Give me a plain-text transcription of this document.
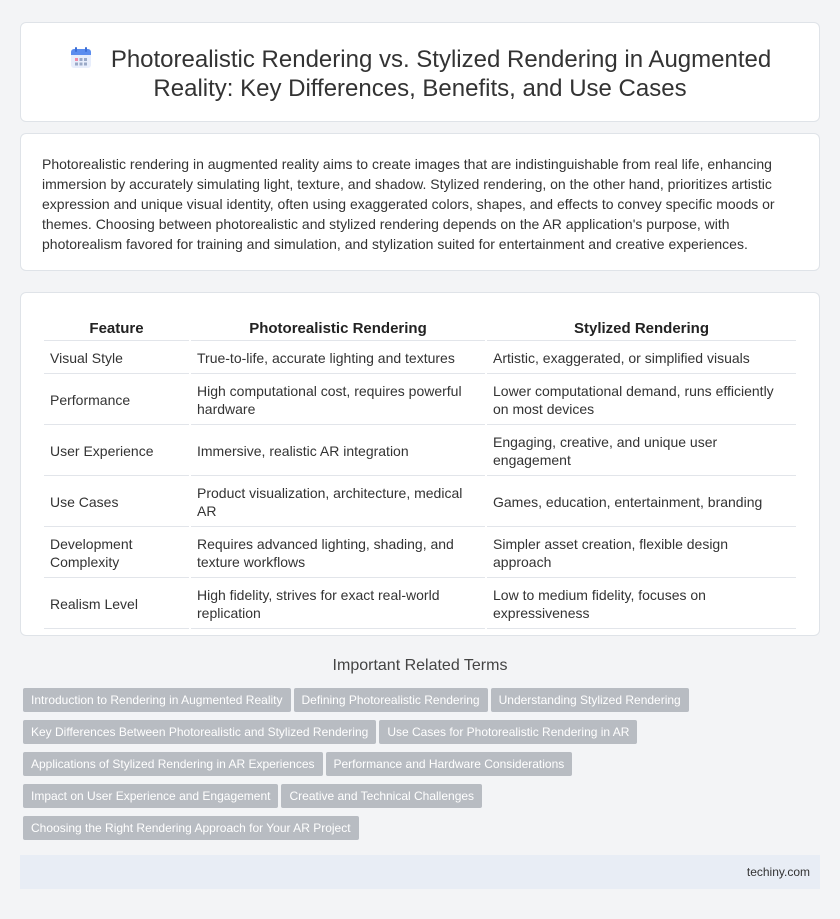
Photorealistic Rendering vs. Stylized Rendering in Augmented
Reality: Key Differences, Benefits, and Use Cases

Photorealistic rendering in augmented reality aims to create images that are indistinguishable from real life, enhancing immersion by accurately simulating light, texture, and shadow. Stylized rendering, on the other hand, prioritizes artistic expression and unique visual identity, often using exaggerated colors, shapes, and effects to convey specific moods or themes. Choosing between photorealistic and stylized rendering depends on the AR application's purpose, with photorealism favored for training and simulation, and stylization suited for entertainment and creative experiences.

Feature	Photorealistic Rendering	Stylized Rendering
Visual Style	True-to-life, accurate lighting and textures	Artistic, exaggerated, or simplified visuals
Performance	High computational cost, requires powerful hardware	Lower computational demand, runs efficiently on most devices
User Experience	Immersive, realistic AR integration	Engaging, creative, and unique user engagement
Use Cases	Product visualization, architecture, medical AR	Games, education, entertainment, branding
Development Complexity	Requires advanced lighting, shading, and texture workflows	Simpler asset creation, flexible design approach
Realism Level	High fidelity, strives for exact real-world replication	Low to medium fidelity, focuses on expressiveness
Important Related Terms
Introduction to Rendering in Augmented Reality Defining Photorealistic Rendering Understanding Stylized Rendering
Key Differences Between Photorealistic and Stylized Rendering Use Cases for Photorealistic Rendering in AR
Applications of Stylized Rendering in AR Experiences Performance and Hardware Considerations
Impact on User Experience and Engagement Creative and Technical Challenges
Choosing the Right Rendering Approach for Your AR Project
techiny.com
